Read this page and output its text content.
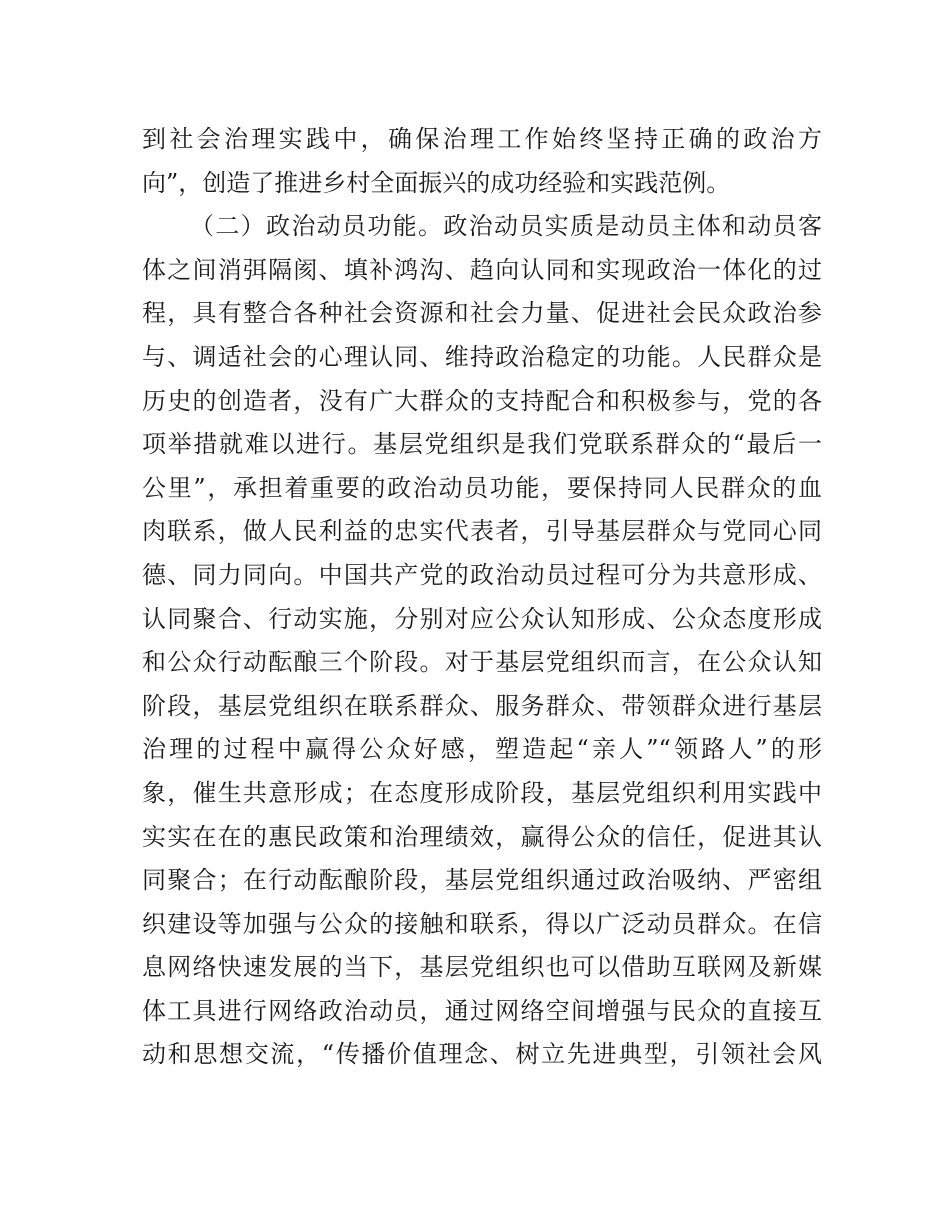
到社会治理实践中，确保治理工作始终坚持正确的政治方
向”，创造了推进乡村全面振兴的成功经验和实践范例。
（二）政治动员功能。政治动员实质是动员主体和动员客
体之间消弭隔阂、填补鸿沟、趋向认同和实现政治一体化的过
程，具有整合各种社会资源和社会力量、促进社会民众政治参
与、调适社会的心理认同、维持政治稳定的功能。人民群众是
历史的创造者，没有广大群众的支持配合和积极参与，党的各
项举措就难以进行。基层党组织是我们党联系群众的“最后一
公里”，承担着重要的政治动员功能，要保持同人民群众的血
肉联系，做人民利益的忠实代表者，引导基层群众与党同心同
德、同力同向。中国共产党的政治动员过程可分为共意形成、
认同聚合、行动实施，分别对应公众认知形成、公众态度形成
和公众行动酝酿三个阶段。对于基层党组织而言，在公众认知
阶段，基层党组织在联系群众、服务群众、带领群众进行基层
治理的过程中赢得公众好感，塑造起“亲人”“领路人”的形
象，催生共意形成；在态度形成阶段，基层党组织利用实践中
实实在在的惠民政策和治理绩效，赢得公众的信任，促进其认
同聚合；在行动酝酿阶段，基层党组织通过政治吸纳、严密组
织建设等加强与公众的接触和联系，得以广泛动员群众。在信
息网络快速发展的当下，基层党组织也可以借助互联网及新媒
体工具进行网络政治动员，通过网络空间增强与民众的直接互
动和思想交流，“传播价值理念、树立先进典型，引领社会风
